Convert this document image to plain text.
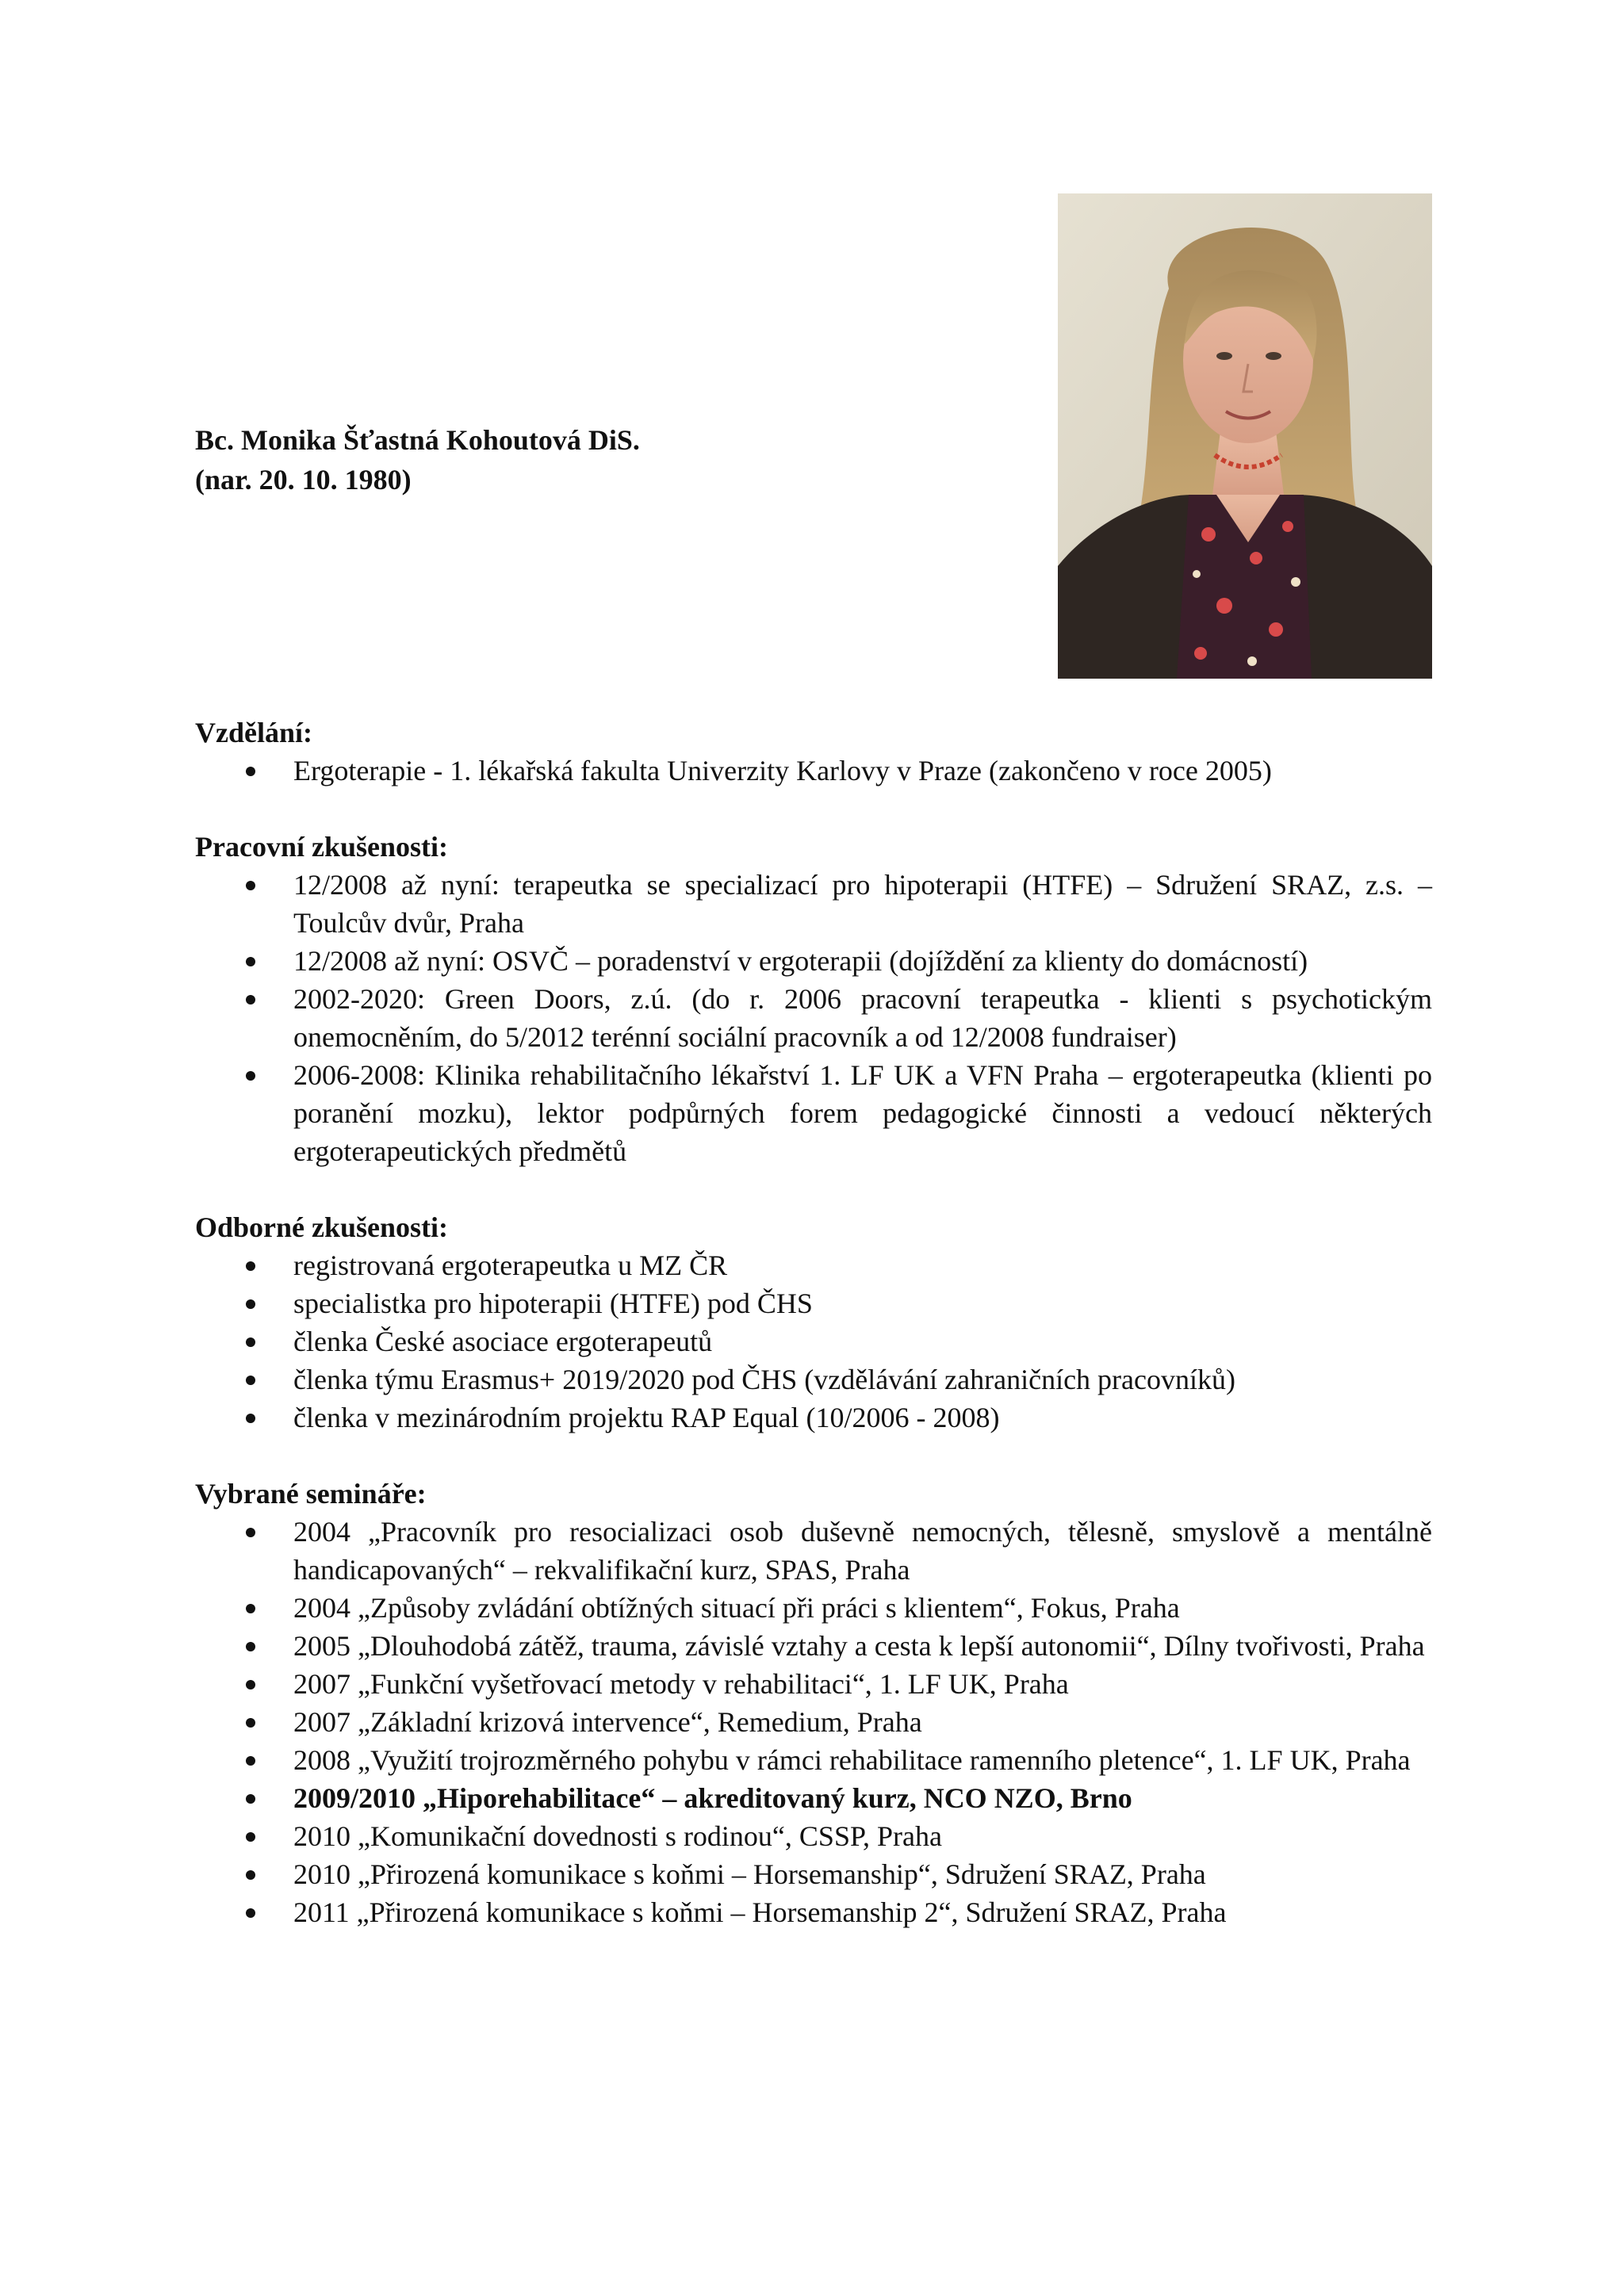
Bc. Monika Šťastná Kohoutová DiS.
(nar. 20. 10. 1980)
Vzdělání:
Ergoterapie - 1. lékařská fakulta Univerzity Karlovy v Praze (zakončeno v roce 2005)
Pracovní zkušenosti:
12/2008 až nyní: terapeutka se specializací pro hipoterapii (HTFE) – Sdružení SRAZ, z.s. – Toulcův dvůr, Praha
12/2008 až nyní: OSVČ – poradenství v ergoterapii (dojíždění za klienty do domácností)
2002-2020: Green Doors, z.ú. (do r. 2006 pracovní terapeutka - klienti s psychotickým onemocněním, do 5/2012 terénní sociální pracovník a od 12/2008 fundraiser)
2006-2008: Klinika rehabilitačního lékařství 1. LF UK a VFN Praha – ergoterapeutka (klienti po poranění mozku), lektor podpůrných forem pedagogické činnosti a vedoucí některých ergoterapeutických předmětů
Odborné zkušenosti:
registrovaná ergoterapeutka u MZ ČR
specialistka pro hipoterapii (HTFE) pod ČHS
členka České asociace ergoterapeutů
členka týmu Erasmus+ 2019/2020 pod ČHS (vzdělávání zahraničních pracovníků)
členka v mezinárodním projektu RAP Equal (10/2006 - 2008)
Vybrané semináře:
2004 „Pracovník pro resocializaci osob duševně nemocných, tělesně, smyslově a mentálně handicapovaných“ – rekvalifikační kurz, SPAS, Praha
2004 „Způsoby zvládání obtížných situací při práci s klientem“, Fokus, Praha
2005 „Dlouhodobá zátěž, trauma, závislé vztahy a cesta k lepší autonomii“, Dílny tvořivosti, Praha
2007 „Funkční vyšetřovací metody v rehabilitaci“, 1. LF UK, Praha
2007 „Základní krizová intervence“, Remedium, Praha
2008 „Využití trojrozměrného pohybu v rámci rehabilitace ramenního pletence“, 1. LF UK, Praha
2009/2010 „Hiporehabilitace“ – akreditovaný kurz, NCO NZO, Brno
2010 „Komunikační dovednosti s rodinou“, CSSP, Praha
2010 „Přirozená komunikace s koňmi – Horsemanship“, Sdružení SRAZ, Praha
2011 „Přirozená komunikace s koňmi – Horsemanship 2“, Sdružení SRAZ, Praha
